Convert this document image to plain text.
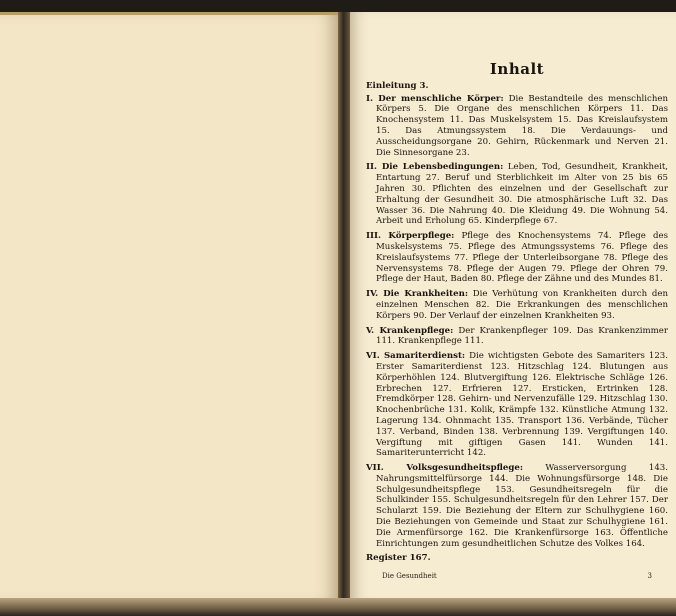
Inhalt

Einleitung 3.

I. Der menschliche Körper: Die Bestandteile des menschlichen Körpers 5. Die Organe des menschlichen Körpers 11. Das Knochensystem 11. Das Muskelsystem 15. Das Kreislaufsystem 15. Das Atmungssystem 18. Die Verdauungs- und Ausscheidungsorgane 20. Gehirn, Rückenmark und Nerven 21. Die Sinnesorgane 23.

II. Die Lebensbedingungen: Leben, Tod, Gesundheit, Krankheit, Entartung 27. Beruf und Sterblichkeit im Alter von 25 bis 65 Jahren 30. Pflichten des einzelnen und der Gesellschaft zur Erhaltung der Gesundheit 30. Die atmosphärische Luft 32. Das Wasser 36. Die Nahrung 40. Die Kleidung 49. Die Wohnung 54. Arbeit und Erholung 65. Kinderpflege 67.

III. Körperpflege: Pflege des Knochensystems 74. Pflege des Muskelsystems 75. Pflege des Atmungssystems 76. Pflege des Kreislaufsystems 77. Pflege der Unterleibsorgane 78. Pflege des Nervensystems 78. Pflege der Augen 79. Pflege der Ohren 79. Pflege der Haut, Baden 80. Pflege der Zähne und des Mundes 81.

IV. Die Krankheiten: Die Verhütung von Krankheiten durch den einzelnen Menschen 82. Die Erkrankungen des menschlichen Körpers 90. Der Verlauf der einzelnen Krankheiten 93.

V. Krankenpflege: Der Krankenpfleger 109. Das Krankenzimmer 111. Krankenpflege 111.

VI. Samariterdienst: Die wichtigsten Gebote des Samariters 123. Erster Samariterdienst 123. Hitzschlag 124. Blutungen aus Körperhöhlen 124. Blutvergiftung 126. Elektrische Schläge 126. Erbrechen 127. Erfrieren 127. Ersticken, Ertrinken 128. Fremdkörper 128. Gehirn- und Nervenzufälle 129. Hitzschlag 130. Knochenbrüche 131. Kolik, Krämpfe 132. Künstliche Atmung 132. Lagerung 134. Ohnmacht 135. Transport 136. Verbände, Tücher 137. Verband, Binden 138. Verbrennung 139. Vergiftungen 140. Vergiftung mit giftigen Gasen 141. Wunden 141. Samariterunterricht 142.

VII. Volksgesundheitspflege:	Wasserversorgung 143. Nahrungsmittelfürsorge 144. Die Wohnungsfürsorge 148. Die Schulgesundheitspflege 153. Gesundheitsregeln für die Schulkinder 155. Schulgesundheitsregeln für den Lehrer 157. Der Schularzt 159. Die Beziehung der Eltern zur Schulhygiene 160. Die Beziehungen von Gemeinde und Staat zur Schulhygiene 161. Die Armenfürsorge 162. Die Krankenfürsorge 163. Öffentliche Einrichtungen zum gesundheitlichen Schutze des Volkes 164.

Register 167.

Die Gesundheit	3
